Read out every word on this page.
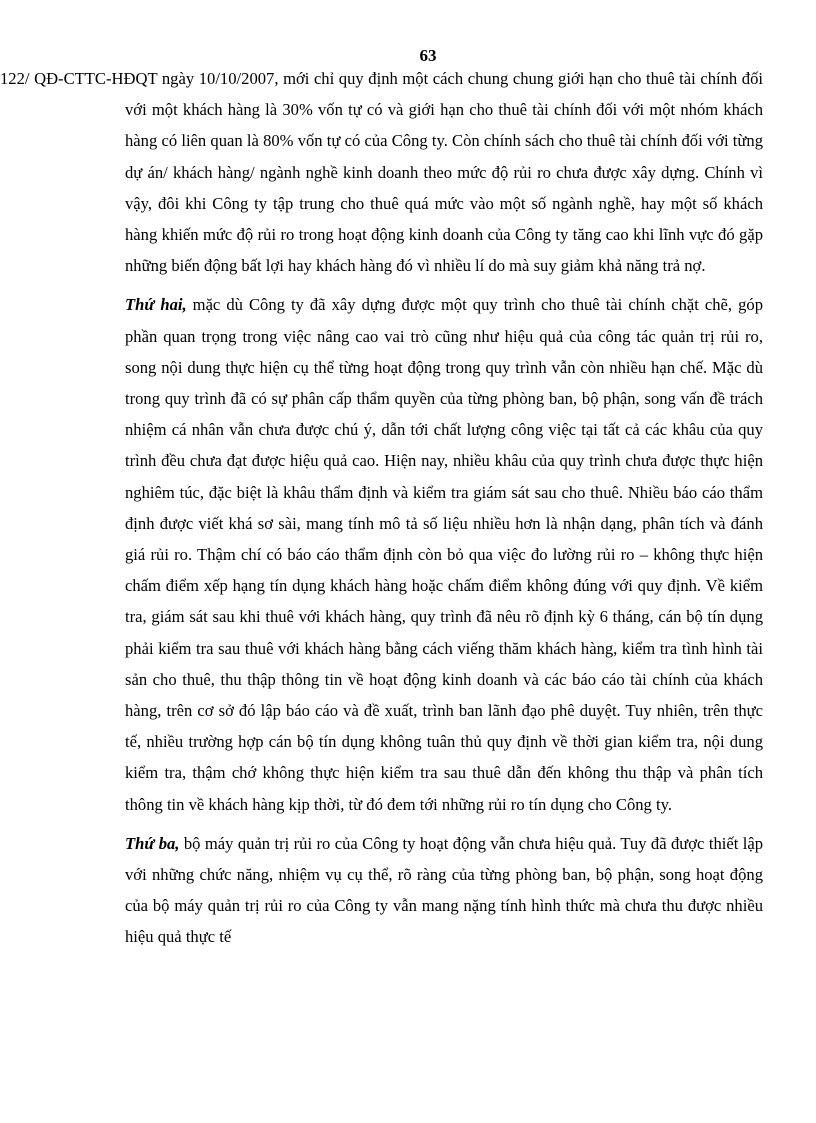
63

122/ QĐ-CTTC-HĐQT ngày 10/10/2007, mới chỉ quy định một cách chung chung giới hạn cho thuê tài chính đối với một khách hàng là 30% vốn tự có và giới hạn cho thuê tài chính đối với một nhóm khách hàng có liên quan là 80% vốn tự có của Công ty. Còn chính sách cho thuê tài chính đối với từng dự án/ khách hàng/ ngành nghề kinh doanh theo mức độ rủi ro chưa được xây dựng. Chính vì vậy, đôi khi Công ty tập trung cho thuê quá mức vào một số ngành nghề, hay một số khách hàng khiến mức độ rủi ro trong hoạt động kinh doanh của Công ty tăng cao khi lĩnh vực đó gặp những biến động bất lợi hay khách hàng đó vì nhiều lí do mà suy giảm khả năng trả nợ.

Thứ hai, mặc dù Công ty đã xây dựng được một quy trình cho thuê tài chính chặt chẽ, góp phần quan trọng trong việc nâng cao vai trò cũng như hiệu quả của công tác quản trị rủi ro, song nội dung thực hiện cụ thể từng hoạt động trong quy trình vẫn còn nhiều hạn chế. Mặc dù trong quy trình đã có sự phân cấp thẩm quyền của từng phòng ban, bộ phận, song vấn đề trách nhiệm cá nhân vẫn chưa được chú ý, dẫn tới chất lượng công việc tại tất cả các khâu của quy trình đều chưa đạt được hiệu quả cao. Hiện nay, nhiều khâu của quy trình chưa được thực hiện nghiêm túc, đặc biệt là khâu thẩm định và kiểm tra giám sát sau cho thuê. Nhiều báo cáo thẩm định được viết khá sơ sài, mang tính mô tả số liệu nhiều hơn là nhận dạng, phân tích và đánh giá rủi ro. Thậm chí có báo cáo thẩm định còn bỏ qua việc đo lường rủi ro – không thực hiện chấm điểm xếp hạng tín dụng khách hàng hoặc chấm điểm không đúng với quy định. Về kiểm tra, giám sát sau khi thuê với khách hàng, quy trình đã nêu rõ định kỳ 6 tháng, cán bộ tín dụng phải kiểm tra sau thuê với khách hàng bằng cách viếng thăm khách hàng, kiểm tra tình hình tài sản cho thuê, thu thập thông tin về hoạt động kinh doanh và các báo cáo tài chính của khách hàng, trên cơ sở đó lập báo cáo và đề xuất, trình ban lãnh đạo phê duyệt. Tuy nhiên, trên thực tế, nhiều trường hợp cán bộ tín dụng không tuân thủ quy định về thời gian kiểm tra, nội dung kiểm tra, thậm chớ không thực hiện kiểm tra sau thuê dẫn đến không thu thập và phân tích thông tin về khách hàng kịp thời, từ đó đem tới những rủi ro tín dụng cho Công ty.

Thứ ba, bộ máy quản trị rủi ro của Công ty hoạt động vẫn chưa hiệu quả. Tuy đã được thiết lập với những chức năng, nhiệm vụ cụ thể, rõ ràng của từng phòng ban, bộ phận, song hoạt động của bộ máy quản trị rủi ro của Công ty vẫn mang nặng tính hình thức mà chưa thu được nhiều hiệu quả thực tế
